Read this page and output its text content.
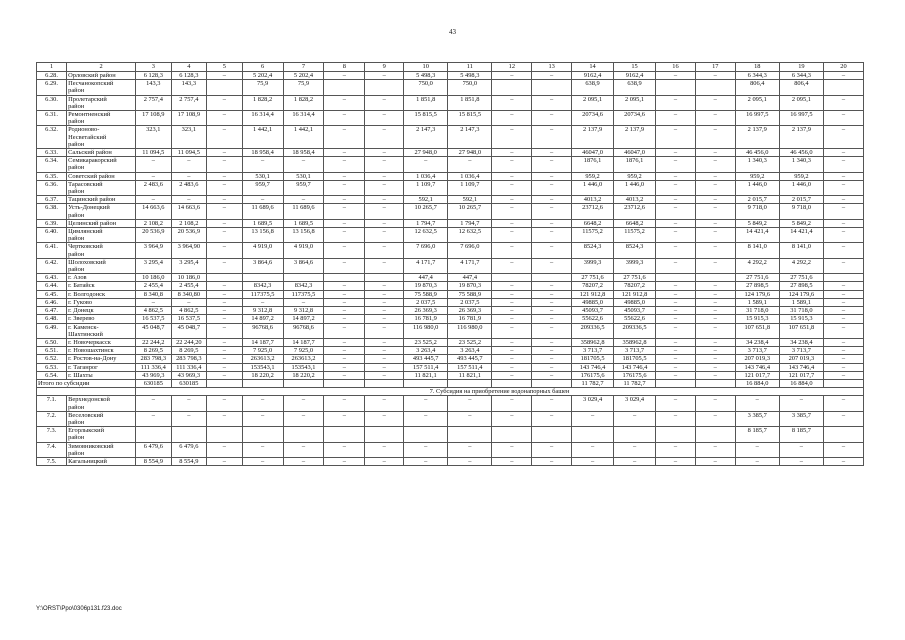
43
1	2	3	4	5	6	7	8	9	10	11	12	13	14	15	16	17	18	19	20
6.28.	Орловский район	6 128,3	6 128,3	–	5 202,4	5 202,4	–	–	5 498,3	5 498,3	–	–	9162,4	9162,4	–	–	6 344,3	6 344,3	–
6.29.	Песчанокопский
район	143,3	143,3		75,9	75,9			750,0	750,0			638,9	638,9			806,4	806,4	
6.30.	Пролетарский
район	2 757,4	2 757,4	–	1 828,2	1 828,2	–	–	1 851,8	1 851,8	–	–	2 095,1	2 095,1	–	–	2 095,1	2 095,1	–
6.31.	Ремонтненский
район	17 108,9	17 108,9	–	16 314,4	16 314,4	–	–	15 815,5	15 815,5	–	–	20734,6	20734,6	–	–	16 997,5	16 997,5	–
6.32.	Родионово-
Несветайский
район	323,1	323,1	–	1 442,1	1 442,1	–	–	2 147,3	2 147,3	–	–	2 137,9	2 137,9	–	–	2 137,9	2 137,9	–
6.33.	Сальский район	11 094,5	11 094,5	–	18 958,4	18 958,4	–	–	27 948,0	27 948,0	–	–	46047,0	46047,0	–	–	46 456,0	46 456,0	–
6.34.	Семикаракорский
район	–	–	–	–	–	–	–	–	–	–	–	1876,1	1876,1	–	–	1 340,3	1 340,3	–
6.35.	Советский район	–	–	–	530,1	530,1	–	–	1 036,4	1 036,4	–	–	959,2	959,2	–	–	959,2	959,2	–
6.36.	Тарасовский
район	2 483,6	2 483,6	–	959,7	959,7	–	–	1 109,7	1 109,7	–	–	1 446,0	1 446,0	–	–	1 446,0	1 446,0	–
6.37.	Тацинский район	–	–	–	–	–	–	–	592,1	592,1	–	–	4013,2	4013,2	–	–	2 015,7	2 015,7	–
6.38.	Усть-Донецкий
район	14 663,6	14 663,6	–	11 689,6	11 689,6	–	–	10 265,7	10 265,7	–	–	23712,6	23712,6	–	–	9 718,0	9 718,0	–
6.39.	Целинский район	2 108,2	2 108,2	–	1 689,5	1 689,5	–	–	1 794,7	1 794,7	–	–	6648,2	6648,2	–	–	5 849,2	5 849,2	–
6.40.	Цимлянский
район	20 536,9	20 536,9	–	13 156,8	13 156,8	–	–	12 632,5	12 632,5	–	–	11575,2	11575,2	–	–	14 421,4	14 421,4	–
6.41.	Чертковский
район	3 964,9	3 964,90	–	4 919,0	4 919,0	–	–	7 696,0	7 696,0	–	–	8524,3	8524,3	–	–	8 141,0	8 141,0	–
6.42.	Шолоховский
район	3 295,4	3 295,4	–	3 864,6	3 864,6	–	–	4 171,7	4 171,7	–	–	3999,3	3999,3	–	–	4 292,2	4 292,2	–
6.43.	г. Азов	10 186,0	10 186,0						447,4	447,4			27 751,6	27 751,6			27 751,6	27 751,6	
6.44.	г. Батайск	2 455,4	2 455,4	–	8342,3	8342,3	–	–	19 870,3	19 870,3	–	–	78207,2	78207,2	–	–	27 898,5	27 898,5	–
6.45.	г. Волгодонск	8 340,8	8 340,80	–	117375,5	117375,5	–	–	75 588,9	75 588,9	–	–	121 912,8	121 912,8	–	–	124 179,6	124 179,6	–
6.46.	г. Гуково	–	–	–	–	–	–	–	2 037,5	2 037,5	–	–	49885,0	49885,0	–	–	1 589,1	1 589,1	–
6.47.	г. Донецк	4 862,5	4 862,5	–	9 312,8	9 312,8	–	–	26 369,3	26 369,3	–	–	45093,7	45093,7	–	–	31 718,0	31 718,0	–
6.48.	г. Зверево	16 537,5	16 537,5	–	14 897,2	14 897,2	–	–	16 781,9	16 781,9	–	–	55622,6	55622,6	–	–	15 915,3	15 915,3	–
6.49.	г. Каменск-
Шахтинский	45 048,7	45 048,7	–	96768,6	96768,6	–	–	116 980,0	116 980,0	–	–	209336,5	209336,5	–	–	107 651,8	107 651,8	–
6.50.	г. Новочеркасск	22 244,2	22 244,20	–	14 187,7	14 187,7	–	–	23 525,2	23 525,2	–	–	358962,8	358962,8	–	–	34 238,4	34 238,4	–
6.51.	г. Новошахтинск	8 269,5	8 269,5	–	7 925,0	7 925,0	–	–	3 263,4	3 263,4	–	–	3 713,7	3 713,7	–	–	3 713,7	3 713,7	–
6.52.	г. Ростов-на-Дону	283 798,3	283 798,3	–	263613,2	263613,2	–	–	493 445,7	493 445,7	–	–	181705,5	181705,5	–	–	207 019,3	207 019,3	–
6.53.	г. Таганрог	111 336,4	111 336,4	–	153543,1	153543,1	–	–	157 511,4	157 511,4	–	–	143 746,4	143 746,4	–	–	143 746,4	143 746,4	–
6.54.	г. Шахты	43 969,3	43 969,3	–	18 220,2	18 220,2	–	–	11 821,1	11 821,1	–	–	176175,6	176175,6	–	–	121 017,7	121 017,7	–
Итого по субсидии		630185	630185										11 782,7	11 782,7			16 884,0	16 884,0	
		7. Субсидия на приобретение водонапорных башен																	
7.1.	Верхнедонской
район	–	–	–	–	–	–	–	–	–	–	–	3 029,4	3 029,4	–	–	–	–	–
7.2.	Веселовский
район	–	–	–	–	–	–	–	–	–	–	–	–	–	–	–	3 385,7	3 385,7	–
7.3.	Егорлыкский
район																8 185,7	8 185,7	
7.4.	Зимовниковский
район	6 479,6	6 479,6	–	–	–	–	–	–	–	–	–	–	–	–	–	–	–	–
7.5.	Кагальницкий	8 554,9	8 554,9	–	–	–	–	–	–	–	–	–	–	–	–	–	–	–	–
Y:\ORST\Ppo\0306p131.f23.doc
